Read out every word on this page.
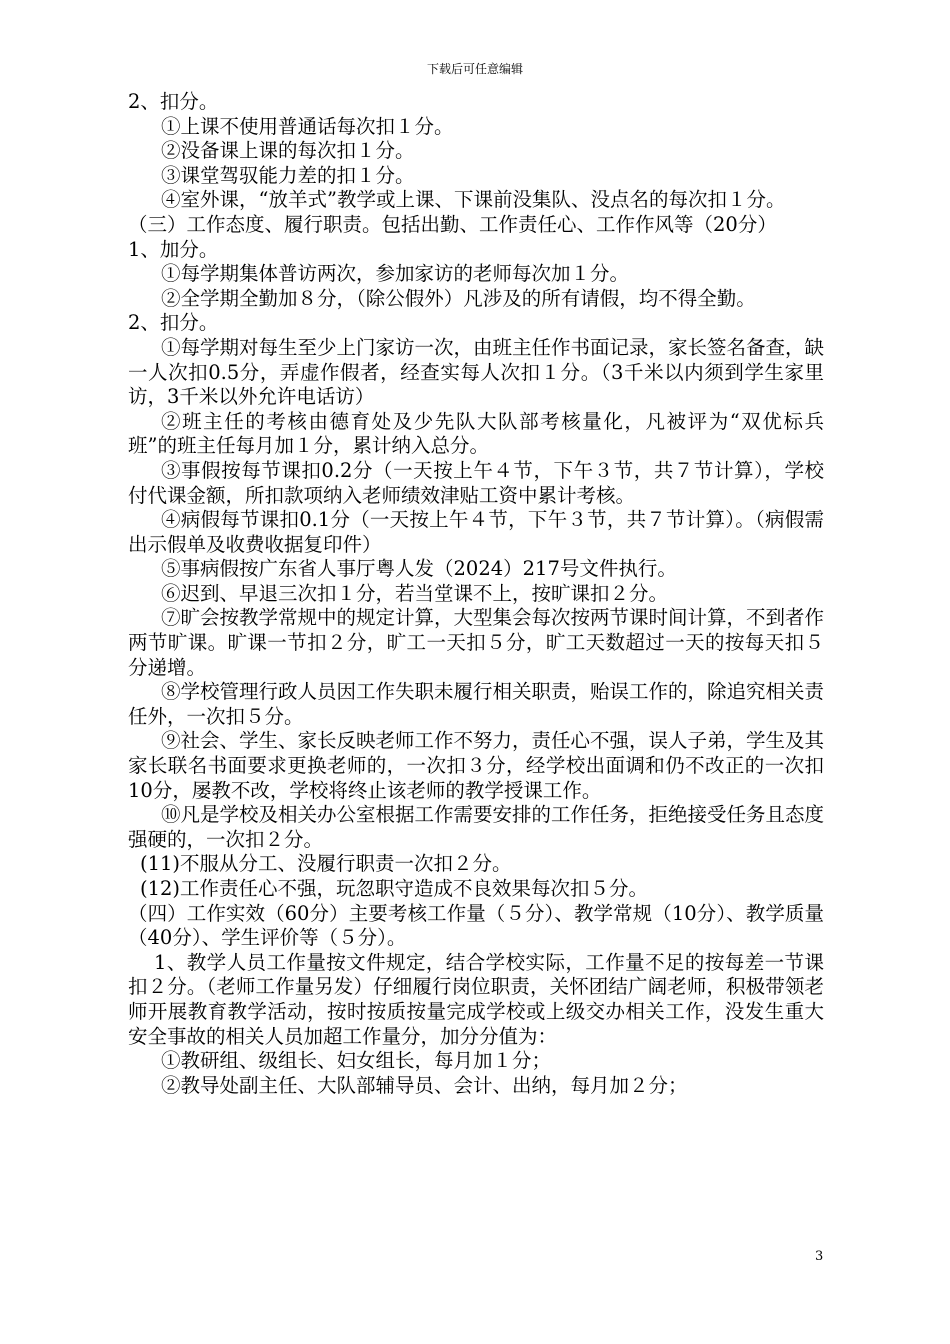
下载后可任意编辑

2、扣分。

①上课不使用普通话每次扣１分。

②没备课上课的每次扣１分。

③课堂驾驭能力差的扣１分。

④室外课，“放羊式”教学或上课、下课前没集队、没点名的每次扣１分。

（三）工作态度、履行职责。包括出勤、工作责任心、工作作风等（20分）

1、加分。

①每学期集体普访两次，参加家访的老师每次加１分。

②全学期全勤加８分，（除公假外）凡涉及的所有请假，均不得全勤。

2、扣分。

①每学期对每生至少上门家访一次，由班主任作书面记录，家长签名备查，缺一人次扣0.5分，弄虚作假者，经查实每人次扣１分。（3千米以内须到学生家里访，3千米以外允许电话访）

②班主任的考核由德育处及少先队大队部考核量化，凡被评为“双优标兵班”的班主任每月加１分，累计纳入总分。

③事假按每节课扣0.2分（一天按上午４节，下午３节，共７节计算），学校付代课金额，所扣款项纳入老师绩效津贴工资中累计考核。

④病假每节课扣0.1分（一天按上午４节，下午３节，共７节计算）。（病假需出示假单及收费收据复印件）

⑤事病假按广东省人事厅粤人发（2024）217号文件执行。

⑥迟到、早退三次扣１分，若当堂课不上，按旷课扣２分。

⑦旷会按教学常规中的规定计算，大型集会每次按两节课时间计算，不到者作两节旷课。旷课一节扣２分，旷工一天扣５分，旷工天数超过一天的按每天扣５分递增。

⑧学校管理行政人员因工作失职未履行相关职责，贻误工作的，除追究相关责任外，一次扣５分。

⑨社会、学生、家长反映老师工作不努力，责任心不强，误人子弟，学生及其家长联名书面要求更换老师的，一次扣３分，经学校出面调和仍不改正的一次扣10分，屡教不改，学校将终止该老师的教学授课工作。

⑩凡是学校及相关办公室根据工作需要安排的工作任务，拒绝接受任务且态度强硬的，一次扣２分。

(11)不服从分工、没履行职责一次扣２分。

(12)工作责任心不强，玩忽职守造成不良效果每次扣５分。

（四）工作实效（60分）主要考核工作量（５分）、教学常规（10分）、教学质量（40分）、学生评价等（５分）。

1、教学人员工作量按文件规定，结合学校实际，工作量不足的按每差一节课扣２分。（老师工作量另发）仔细履行岗位职责，关怀团结广阔老师，积极带领老师开展教育教学活动，按时按质按量完成学校或上级交办相关工作，没发生重大安全事故的相关人员加超工作量分，加分分值为：

①教研组、级组长、妇女组长，每月加１分；

②教导处副主任、大队部辅导员、会计、出纳，每月加２分；

3
